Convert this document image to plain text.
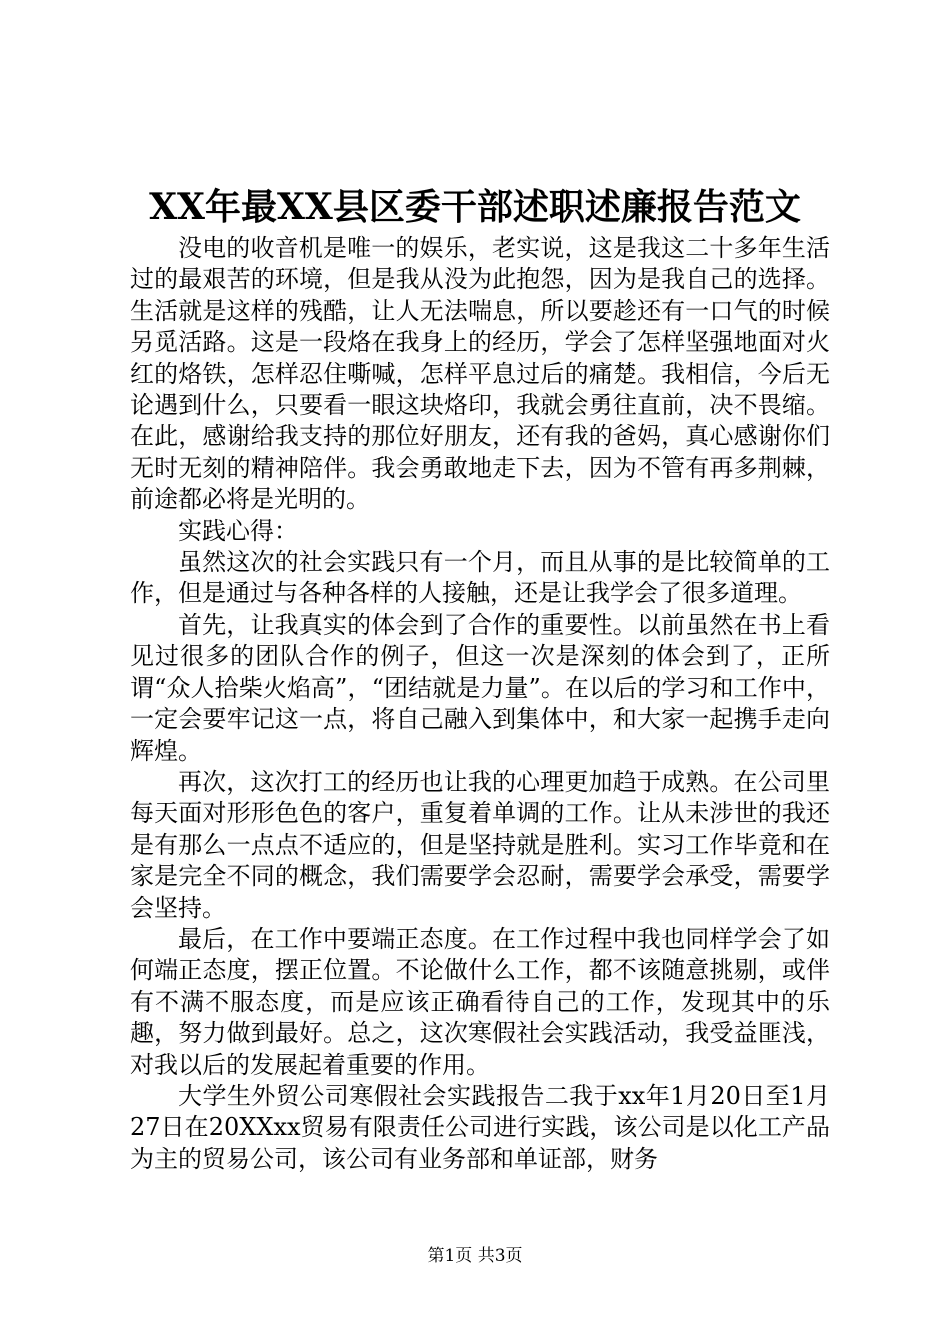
XX年最XX县区委干部述职述廉报告范文

没电的收音机是唯一的娱乐，老实说，这是我这二十多年生活过的最艰苦的环境，但是我从没为此抱怨，因为是我自己的选择。生活就是这样的残酷，让人无法喘息，所以要趁还有一口气的时候另觅活路。这是一段烙在我身上的经历，学会了怎样坚强地面对火红的烙铁，怎样忍住嘶喊，怎样平息过后的痛楚。我相信，今后无论遇到什么，只要看一眼这块烙印，我就会勇往直前，决不畏缩。在此，感谢给我支持的那位好朋友，还有我的爸妈，真心感谢你们无时无刻的精神陪伴。我会勇敢地走下去，因为不管有再多荆棘，前途都必将是光明的。

实践心得：

虽然这次的社会实践只有一个月，而且从事的是比较简单的工作，但是通过与各种各样的人接触，还是让我学会了很多道理。

首先，让我真实的体会到了合作的重要性。以前虽然在书上看见过很多的团队合作的例子，但这一次是深刻的体会到了，正所谓“众人拾柴火焰高”，“团结就是力量”。在以后的学习和工作中，一定会要牢记这一点，将自己融入到集体中，和大家一起携手走向辉煌。

再次，这次打工的经历也让我的心理更加趋于成熟。在公司里每天面对形形色色的客户，重复着单调的工作。让从未涉世的我还是有那么一点点不适应的，但是坚持就是胜利。实习工作毕竟和在家是完全不同的概念，我们需要学会忍耐，需要学会承受，需要学会坚持。

最后，在工作中要端正态度。在工作过程中我也同样学会了如何端正态度，摆正位置。不论做什么工作，都不该随意挑剔，或伴有不满不服态度，而是应该正确看待自己的工作，发现其中的乐趣，努力做到最好。总之，这次寒假社会实践活动，我受益匪浅，对我以后的发展起着重要的作用。

大学生外贸公司寒假社会实践报告二我于xx年1月20日至1月27日在20XXxx贸易有限责任公司进行实践，该公司是以化工产品为主的贸易公司，该公司有业务部和单证部，财务

第1页 共3页
